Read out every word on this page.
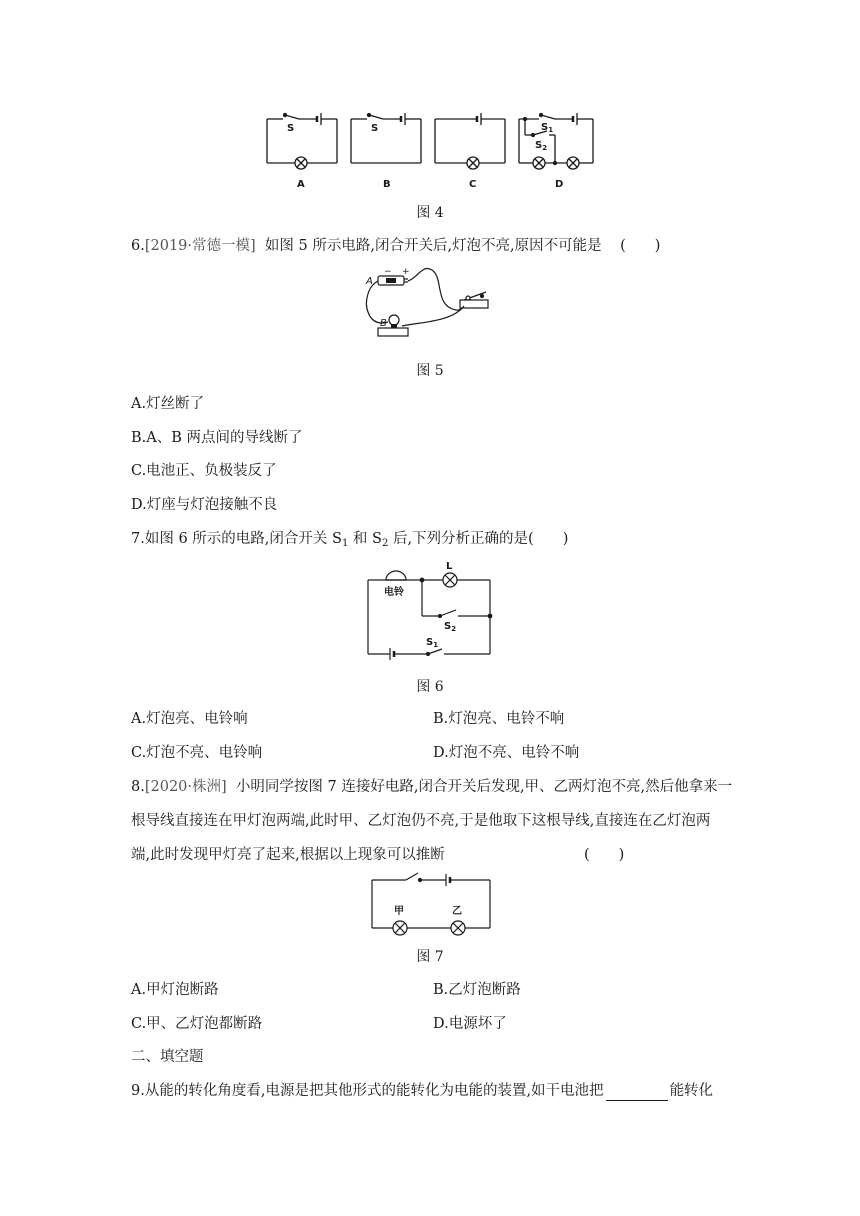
S	S	$S_1$
$S_2$
A	B	C	D
图 4
6.[2019·常德一模] 如图 5 所示电路,闭合开关后,灯泡不亮,原因不可能是 (　　)
A
B
− +
图 5
A.灯丝断了
B.A、B 两点间的导线断了
C.电池正、负极装反了
D.灯座与灯泡接触不良
7.如图 6 所示的电路,闭合开关 $S_1$ 和 $S_2$ 后,下列分析正确的是(　　)
电铃
L
$S_2$
$S_1$
图 6
A.灯泡亮、电铃响	B.灯泡亮、电铃不响
C.灯泡不亮、电铃响	D.灯泡不亮、电铃不响
8.[2020·株洲] 小明同学按图 7 连接好电路,闭合开关后发现,甲、乙两灯泡不亮,然后他拿来一
根导线直接连在甲灯泡两端,此时甲、乙灯泡仍不亮,于是他取下这根导线,直接连在乙灯泡两
端,此时发现甲灯亮了起来,根据以上现象可以推断	(　　)
甲	乙
图 7
A.甲灯泡断路	B.乙灯泡断路
C.甲、乙灯泡都断路	D.电源坏了
二、填空题
9.从能的转化角度看,电源是把其他形式的能转化为电能的装置,如干电池把	能转化
